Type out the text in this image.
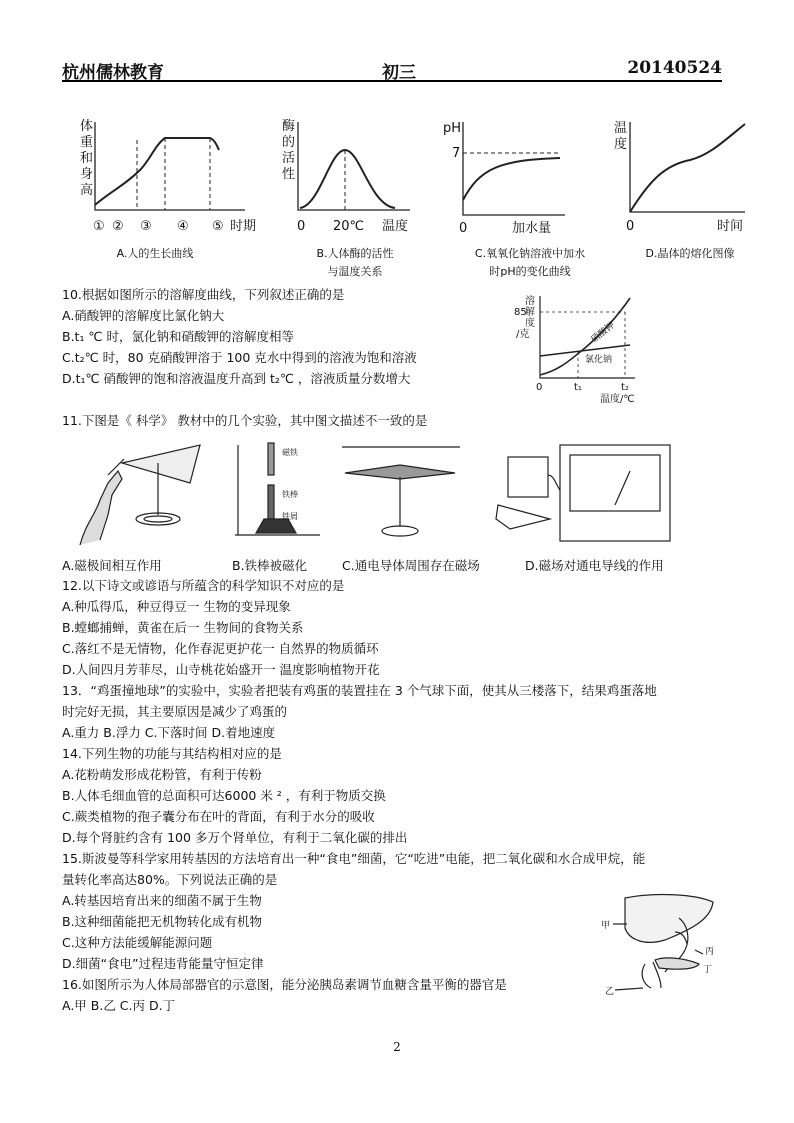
杭州儒林教育	初三	20140524
体
重
和
身
高
① ② ③ ④ ⑤ 时期
酶
的
活
性
0 20℃ 温度
pH
7
0	加水量
温
度
0	时间
A.人的生长曲线	B.人体酶的活性
与温度关系
C.氧氧化钠溶液中加水
时pH的变化曲线
D.晶体的熔化图像
10.根据如图所示的溶解度曲线，下列叙述正确的是
A.硝酸钾的溶解度比氯化钠大
B.t₁ ℃ 时，氯化钠和硝酸钾的溶解度相等
C.t₂℃ 时，80 克硝酸钾溶于 100 克水中得到的溶液为饱和溶液
D.t₁℃ 硝酸钾的饱和溶液温度升高到 t₂℃ ，溶液质量分数增大
溶
解
度
/克
85
硝酸钾
氯化钠
0	t₁	t₂
温度/℃
11.下图是《 科学》 教材中的几个实验，其中图文描述不一致的是
磁铁
铁棒
铁屑
A.磁极间相互作用	B.铁棒被磁化	C.通电导体周围存在磁场	D.磁场对通电导线的作用
12.以下诗文或谚语与所蕴含的科学知识不对应的是
A.种瓜得瓜，种豆得豆一 生物的变异现象
B.螳螂捕蝉，黄雀在后一 生物间的食物关系
C.落红不是无情物，化作春泥更护花一 自然界的物质循环
D.人间四月芳菲尽，山寺桃花始盛开一 温度影响植物开花
13．“鸡蛋撞地球”的实验中，实验者把装有鸡蛋的装置挂在 3 个气球下面，使其从三楼落下，结果鸡蛋落地
时完好无损，其主要原因是减少了鸡蛋的
A.重力 B.浮力 C.下落时间 D.着地速度
14.下列生物的功能与其结构相对应的是
A.花粉萌发形成花粉管，有利于传粉
B.人体毛细血管的总面积可达6000 米 ² ，有利于物质交换
C.蕨类植物的孢子囊分布在叶的背面，有利于水分的吸收
D.每个肾脏约含有 100 多万个肾单位，有利于二氧化碳的排出
15.斯波曼等科学家用转基因的方法培育出一种“食电”细菌，它“吃进”电能，把二氧化碳和水合成甲烷，能
量转化率高达80%。下列说法正确的是
A.转基因培育出来的细菌不属于生物
B.这种细菌能把无机物转化成有机物
C.这种方法能缓解能源问题
D.细菌“食电”过程违背能量守恒定律
16.如图所示为人体局部器官的示意图，能分泌胰岛素调节血糖含量平衡的器官是
A.甲 B.乙 C.丙 D.丁
甲
乙
丙
丁
2
